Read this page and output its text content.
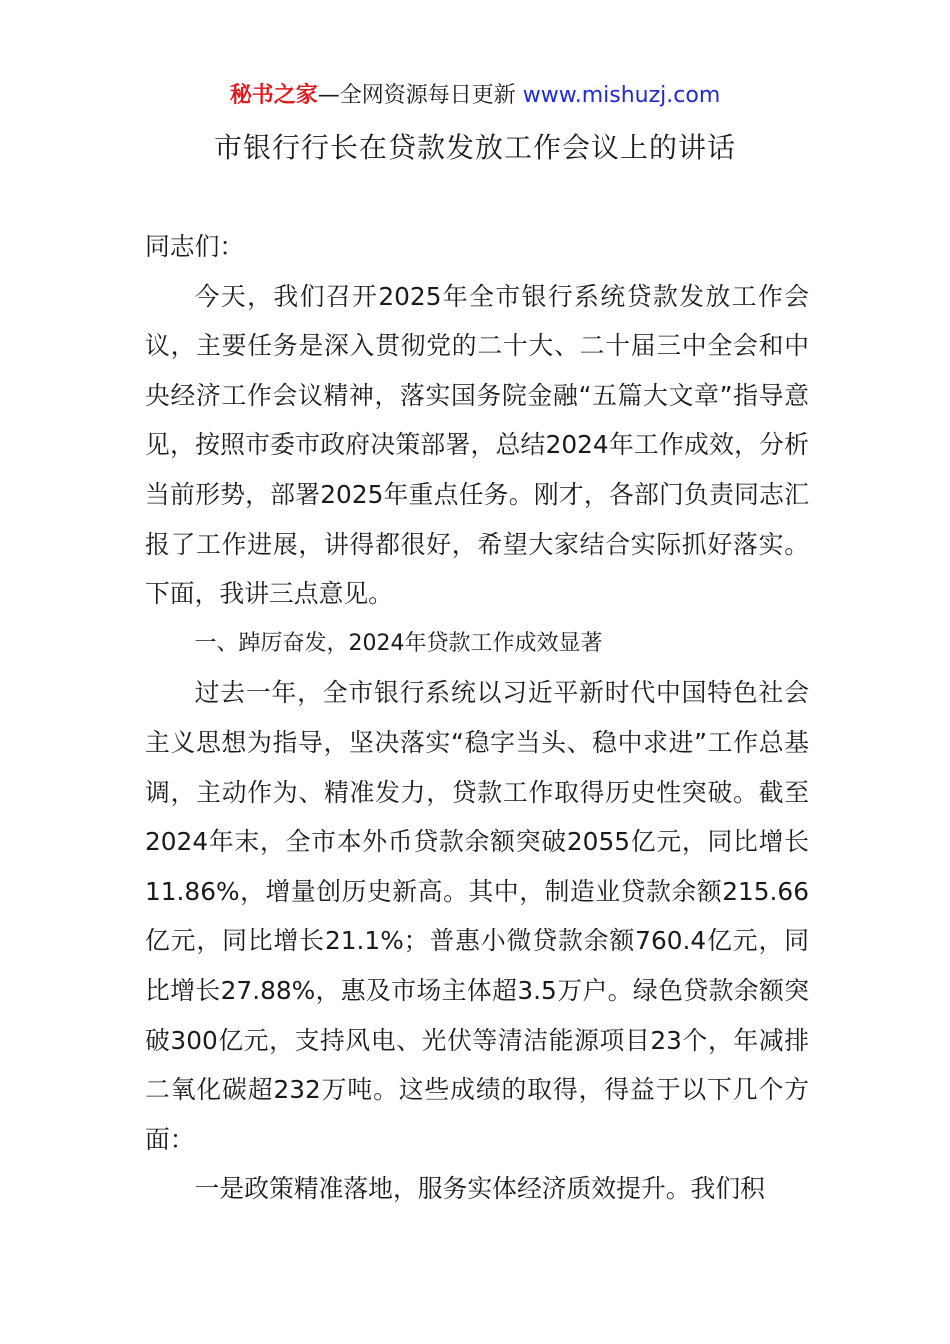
秘书之家—全网资源每日更新 www.mishuzj.com
市银行行长在贷款发放工作会议上的讲话

同志们：

今天，我们召开2025年全市银行系统贷款发放工作会议，主要任务是深入贯彻党的二十大、二十届三中全会和中央经济工作会议精神，落实国务院金融“五篇大文章”指导意见，按照市委市政府决策部署，总结2024年工作成效，分析当前形势，部署2025年重点任务。刚才，各部门负责同志汇报了工作进展，讲得都很好，希望大家结合实际抓好落实。下面，我讲三点意见。

一、踔厉奋发，2024年贷款工作成效显著

过去一年，全市银行系统以习近平新时代中国特色社会主义思想为指导，坚决落实“稳字当头、稳中求进”工作总基调，主动作为、精准发力，贷款工作取得历史性突破。截至2024年末，全市本外币贷款余额突破2055亿元，同比增长11.86%，增量创历史新高。其中，制造业贷款余额215.66亿元，同比增长21.1%；普惠小微贷款余额760.4亿元，同比增长27.88%，惠及市场主体超3.5万户。绿色贷款余额突破300亿元，支持风电、光伏等清洁能源项目23个，年减排二氧化碳超232万吨。这些成绩的取得，得益于以下几个方面：

一是政策精准落地，服务实体经济质效提升。我们积
